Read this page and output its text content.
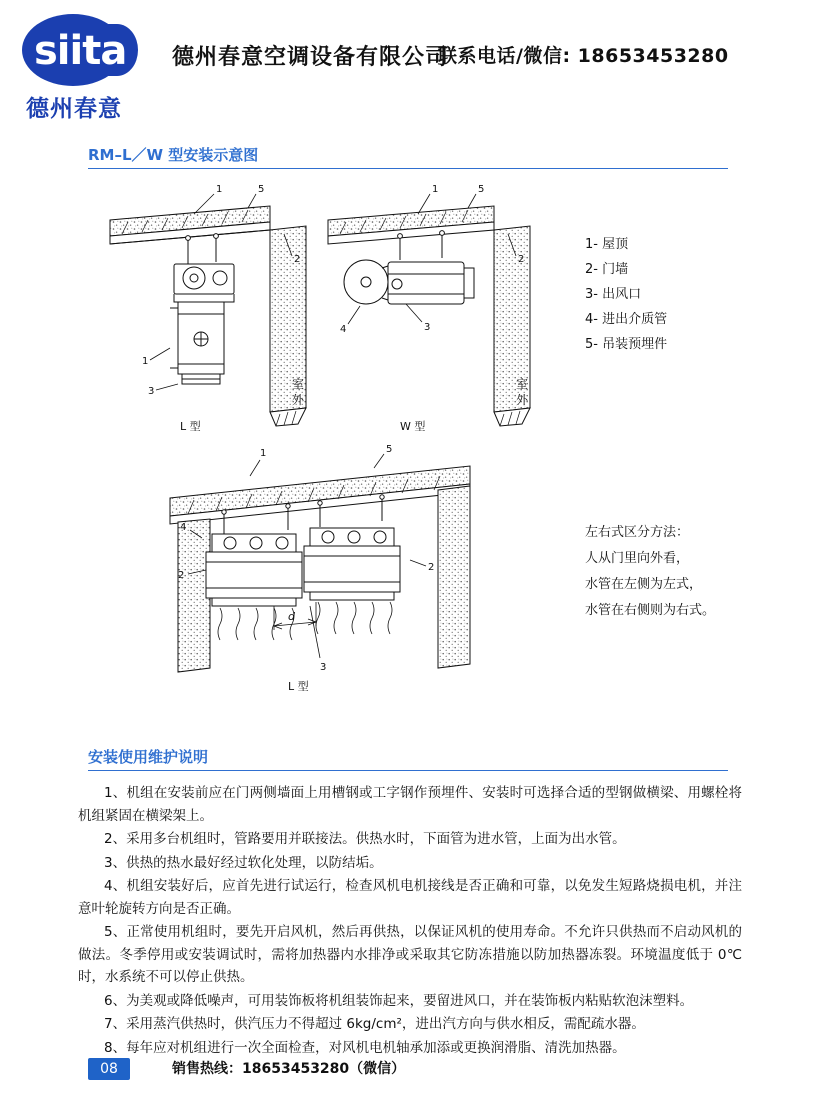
siita
德州春意
德州春意空调设备有限公司
联系电话/微信: 18653453280
RM–L／W 型安装示意图
1	5
2
1
3
L 型
室
外
1	5
2
4	3
W 型
室
外
d
1	5
4
2
2
3
L 型
1- 屋顶
2- 门墙
3- 出风口
4- 进出介质管
5- 吊装预埋件
左右式区分方法：
人从门里向外看，
水管在左侧为左式，
水管在右侧则为右式。
安装使用维护说明

1、机组在安装前应在门两侧墙面上用槽钢或工字钢作预埋件、安装时可选择合适的型钢做横梁、用螺栓将机组紧固在横梁架上。

2、采用多台机组时，管路要用并联接法。供热水时，下面管为进水管，上面为出水管。

3、供热的热水最好经过软化处理，以防结垢。

4、机组安装好后，应首先进行试运行，检查风机电机接线是否正确和可靠，以免发生短路烧损电机，并注意叶轮旋转方向是否正确。

5、正常使用机组时，要先开启风机，然后再供热，以保证风机的使用寿命。不允许只供热而不启动风机的做法。冬季停用或安装调试时，需将加热器内水排净或采取其它防冻措施以防加热器冻裂。环境温度低于 0℃时，水系统不可以停止供热。

6、为美观或降低噪声，可用装饰板将机组装饰起来，要留进风口，并在装饰板内粘贴软泡沫塑料。

7、采用蒸汽供热时，供汽压力不得超过 6kg/cm²，进出汽方向与供水相反，需配疏水器。

8、每年应对机组进行一次全面检查，对风机电机轴承加添或更换润滑脂、清洗加热器。

08	销售热线：18653453280（微信）
